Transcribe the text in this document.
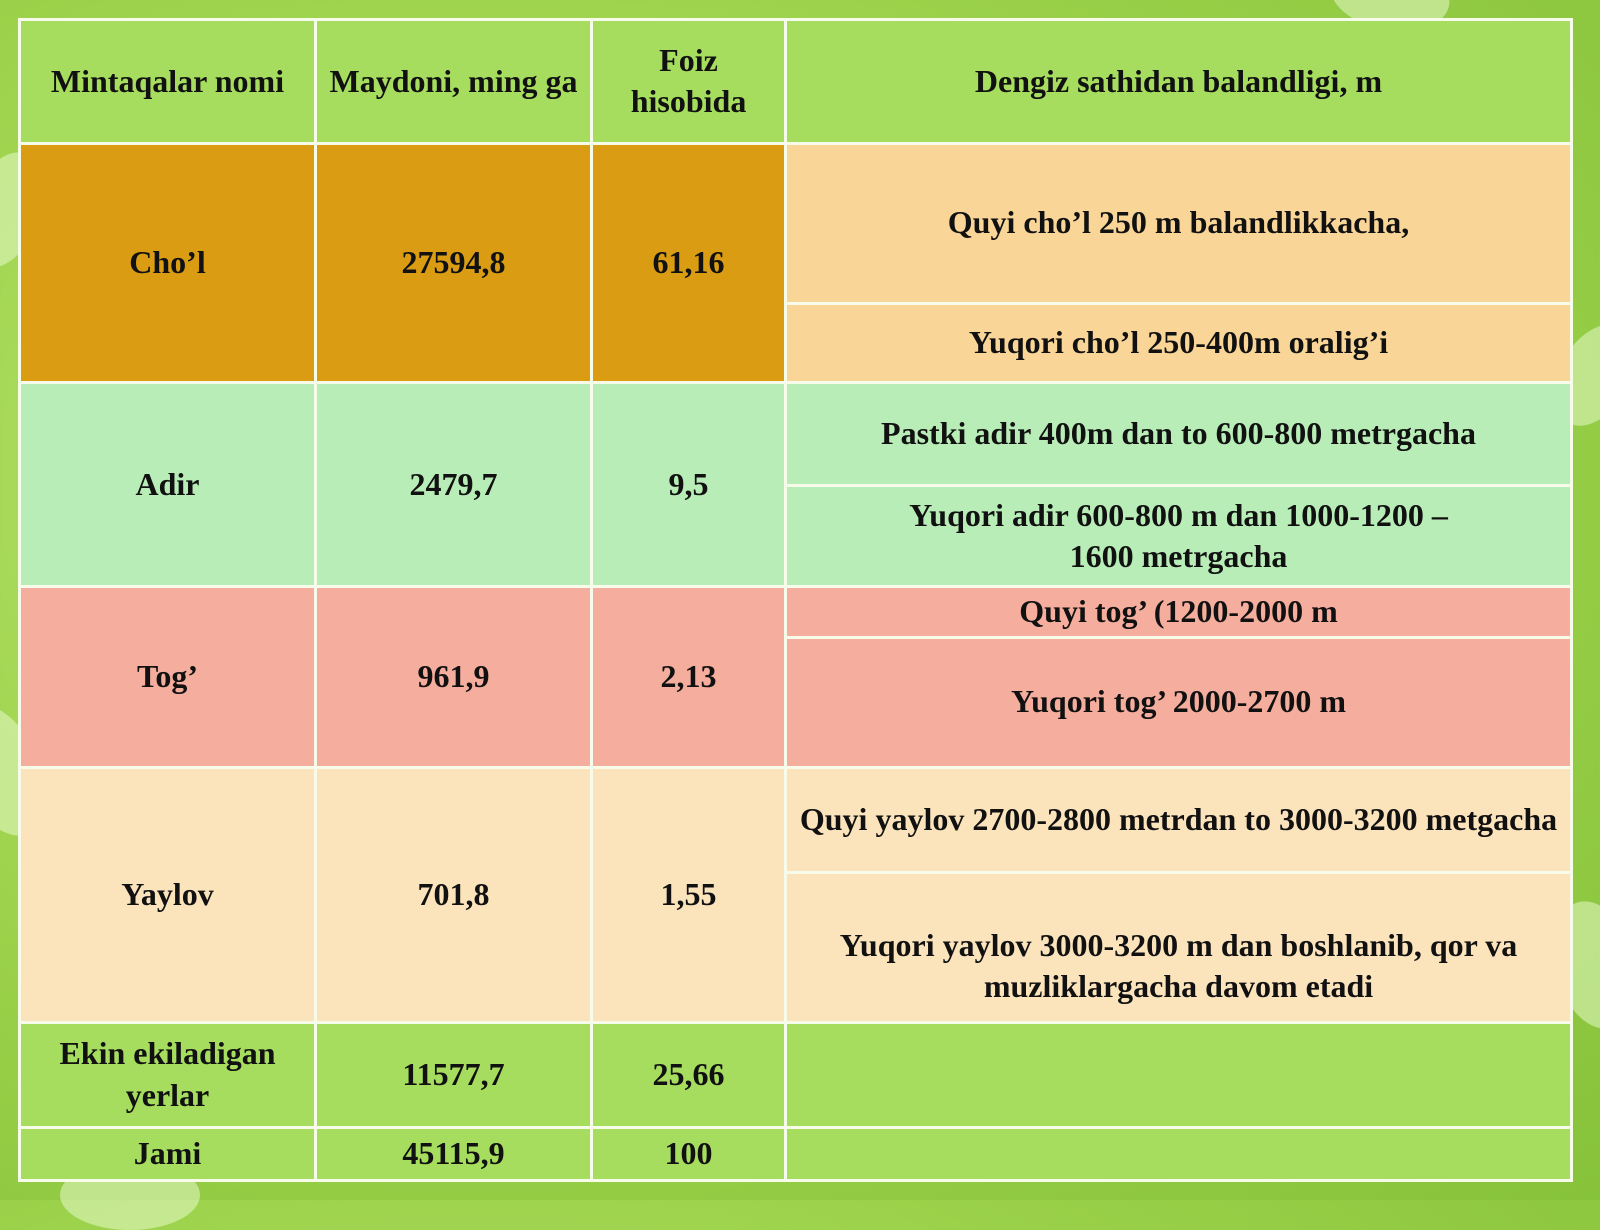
Mintaqalar nomi	Maydoni, ming ga	Foiz hisobida	Dengiz sathidan balandligi, m
Cho’l	27594,8	61,16	Quyi cho’l 250 m balandlikkacha,
			Yuqori cho’l 250-400m oralig’i
Adir	2479,7	9,5	Pastki adir 400m dan to 600-800 metrgacha
			Yuqori adir 600-800 m dan 1000-1200 – 1600 metrgacha
Tog’	961,9	2,13	Quyi tog’ (1200-2000 m
			Yuqori tog’ 2000-2700 m
Yaylov	701,8	1,55	Quyi yaylov 2700-2800 metrdan to 3000-3200 metgacha
			Yuqori yaylov 3000-3200 m dan boshlanib, qor va muzliklargacha davom etadi
Ekin ekiladigan yerlar	11577,7	25,66	
Jami	45115,9	100	
